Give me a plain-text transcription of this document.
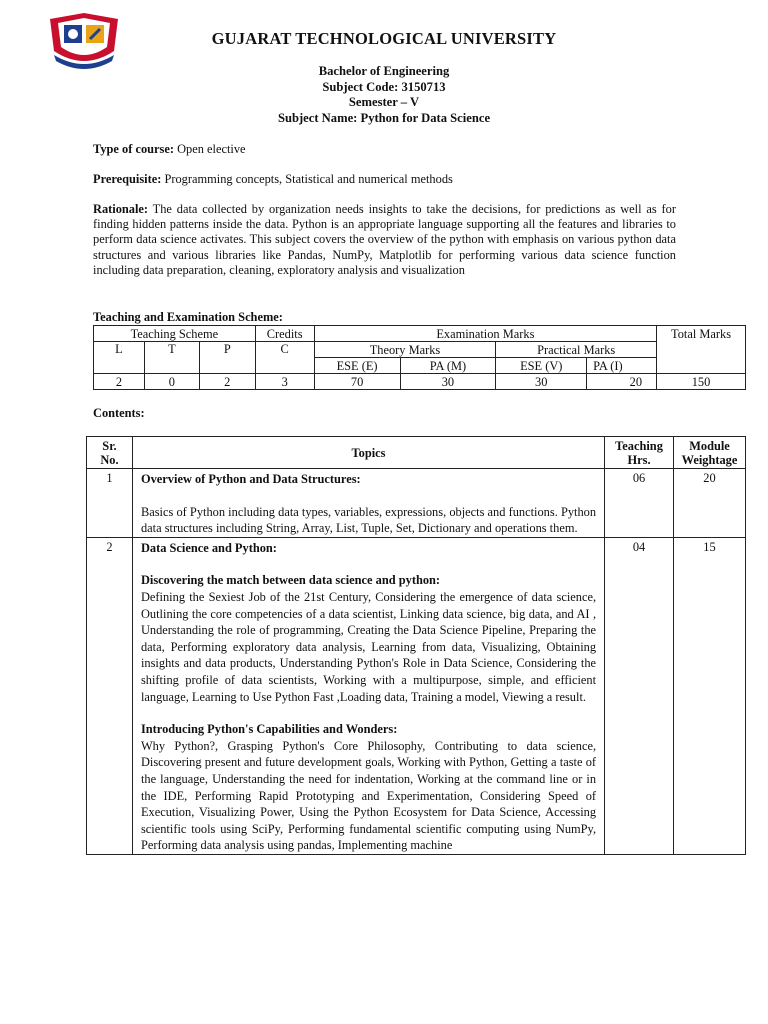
GUJARAT TECHNOLOGICAL UNIVERSITY
Bachelor of Engineering
Subject Code: 3150713
Semester – V
Subject Name: Python for Data Science
Type of course: Open elective
Prerequisite: Programming concepts, Statistical and numerical methods
Rationale: The data collected by organization needs insights to take the decisions, for predictions as well as for finding hidden patterns inside the data. Python is an appropriate language supporting all the features and libraries to perform data science activates. This subject covers the overview of the python with emphasis on various python data structures and various libraries like Pandas, NumPy, Matplotlib for performing various data science function including data preparation, cleaning, exploratory analysis and visualization
Teaching and Examination Scheme:
Teaching Scheme			Credits	Examination Marks				Total Marks
L	T	P	C	Theory Marks		Practical Marks		
				ESE (E)	PA (M)	ESE (V)	PA (I)	
2	0	2	3	70	30	30	20	150
Contents:
Sr. No.	Topics	Teaching Hrs.	Module Weightage
1	Overview of Python and Data Structures:

Basics of Python including data types, variables, expressions, objects and functions. Python data structures including String, Array, List, Tuple, Set, Dictionary and operations them.	06	20
2	Data Science and Python:

Discovering the match between data science and python:

Defining the Sexiest Job of the 21st Century, Considering the emergence of data science, Outlining the core competencies of a data scientist, Linking data science, big data, and AI , Understanding the role of programming, Creating the Data Science Pipeline, Preparing the data, Performing exploratory data analysis, Learning from data, Visualizing, Obtaining insights and data products, Understanding Python's Role in Data Science, Considering the shifting profile of data scientists, Working with a multipurpose, simple, and efficient language, Learning to Use Python Fast ,Loading data, Training a model, Viewing a result.

Introducing Python's Capabilities and Wonders:

Why Python?, Grasping Python's Core Philosophy, Contributing to data science, Discovering present and future development goals, Working with Python, Getting a taste of the language, Understanding the need for indentation, Working at the command line or in the IDE, Performing Rapid Prototyping and Experimentation, Considering Speed of Execution, Visualizing Power, Using the Python Ecosystem for Data Science, Accessing scientific tools using SciPy, Performing fundamental scientific computing using NumPy, Performing data analysis using pandas, Implementing machine	04	15
